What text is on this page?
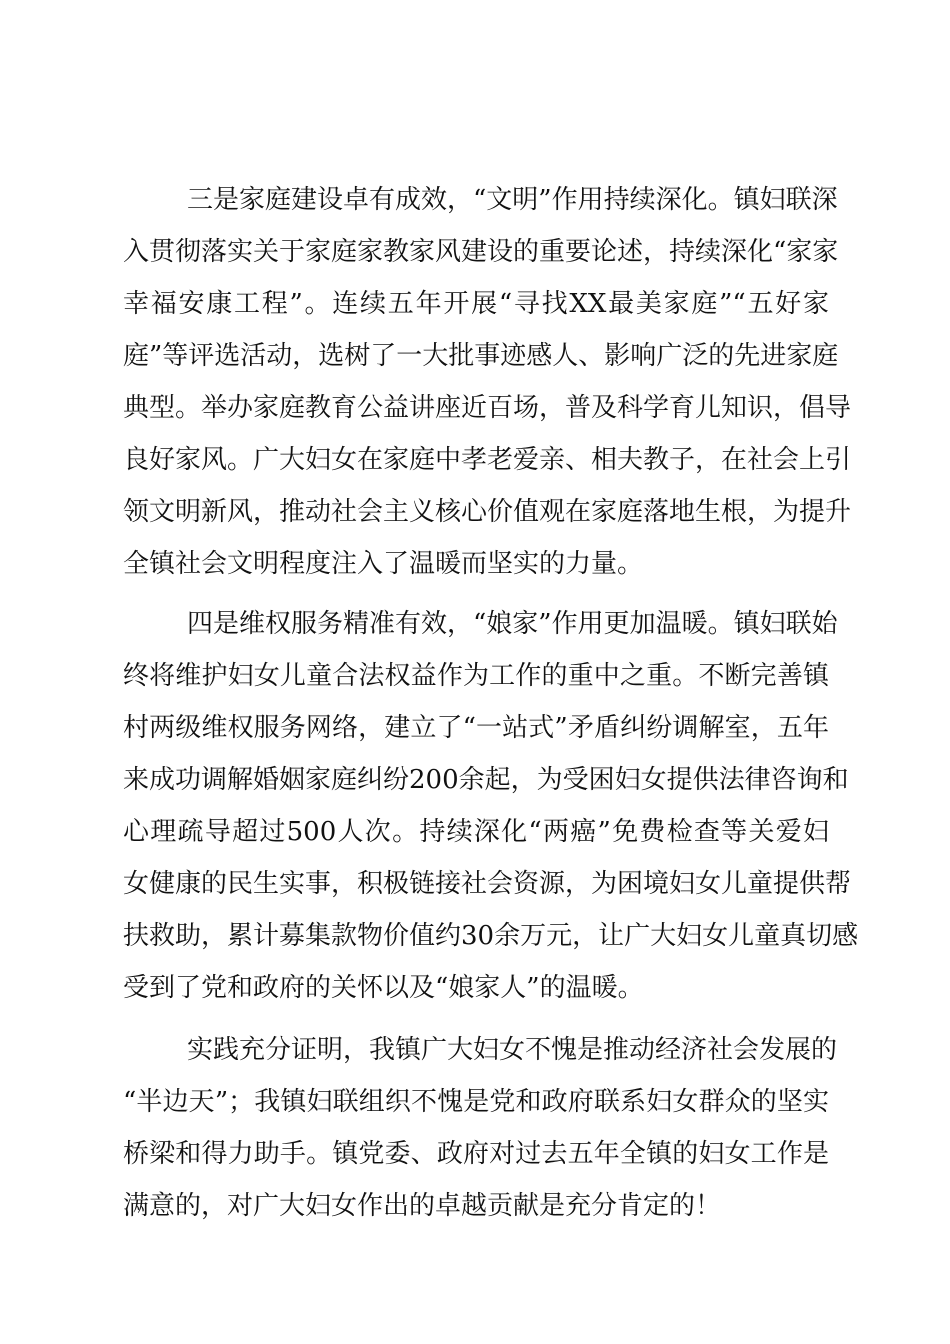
三是家庭建设卓有成效，“文明”作用持续深化。镇妇联深
入贯彻落实关于家庭家教家风建设的重要论述，持续深化“家家
幸福安康工程”。连续五年开展“寻找XX最美家庭”“五好家
庭”等评选活动，选树了一大批事迹感人、影响广泛的先进家庭
典型。举办家庭教育公益讲座近百场，普及科学育儿知识，倡导
良好家风。广大妇女在家庭中孝老爱亲、相夫教子，在社会上引
领文明新风，推动社会主义核心价值观在家庭落地生根，为提升
全镇社会文明程度注入了温暖而坚实的力量。
四是维权服务精准有效，“娘家”作用更加温暖。镇妇联始
终将维护妇女儿童合法权益作为工作的重中之重。不断完善镇
村两级维权服务网络，建立了“一站式”矛盾纠纷调解室，五年
来成功调解婚姻家庭纠纷200余起，为受困妇女提供法律咨询和
心理疏导超过500人次。持续深化“两癌”免费检查等关爱妇
女健康的民生实事，积极链接社会资源，为困境妇女儿童提供帮
扶救助，累计募集款物价值约30余万元，让广大妇女儿童真切感
受到了党和政府的关怀以及“娘家人”的温暖。
实践充分证明，我镇广大妇女不愧是推动经济社会发展的
“半边天”；我镇妇联组织不愧是党和政府联系妇女群众的坚实
桥梁和得力助手。镇党委、政府对过去五年全镇的妇女工作是
满意的，对广大妇女作出的卓越贡献是充分肯定的！
